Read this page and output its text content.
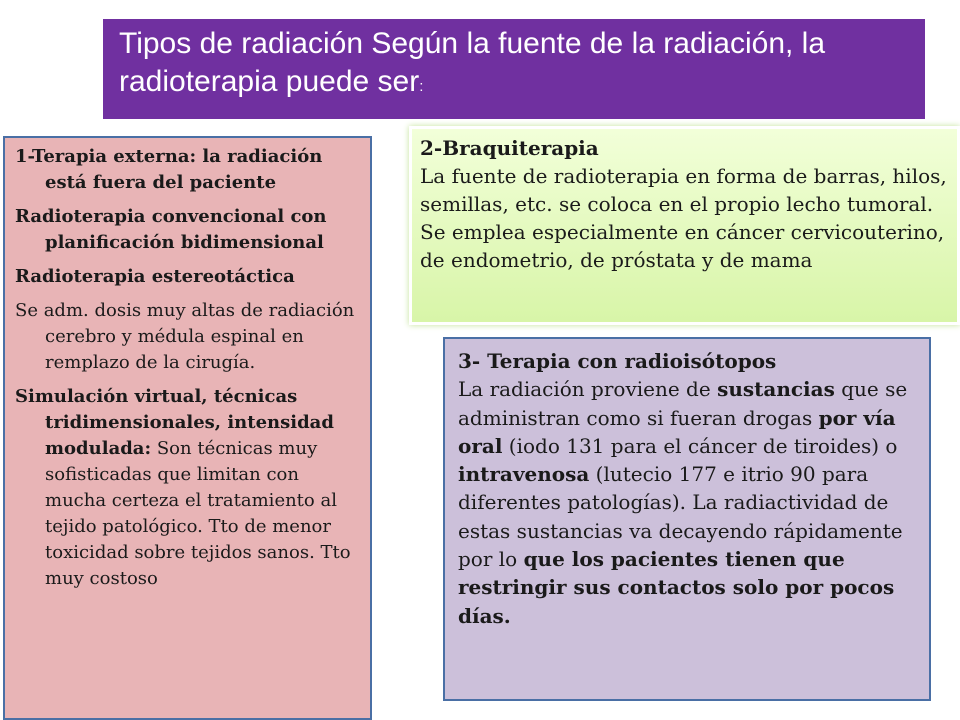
Tipos de radiación Según la fuente de la radiación, la radioterapia puede ser:

1-Terapia externa: la radiación está fuera del paciente

Radioterapia convencional con planificación bidimensional

Radioterapia estereotáctica

Se adm. dosis muy altas de radiación cerebro y médula espinal en remplazo de la cirugía.

Simulación virtual, técnicas tridimensionales, intensidad modulada: Son técnicas muy sofisticadas que limitan con mucha certeza el tratamiento al tejido patológico. Tto de menor toxicidad sobre tejidos sanos. Tto muy costoso

2-Braquiterapia
La fuente de radioterapia en forma de barras, hilos, semillas, etc. se coloca en el propio lecho tumoral. Se emplea especialmente en cáncer cervicouterino, de endometrio, de próstata y de mama
3- Terapia con radioisótopos
La radiación proviene de sustancias que se administran como si fueran drogas por vía oral (iodo 131 para el cáncer de tiroides) o intravenosa (lutecio 177 e itrio 90 para diferentes patologías). La radiactividad de estas sustancias va decayendo rápidamente por lo que los pacientes tienen que restringir sus contactos solo por pocos días.
